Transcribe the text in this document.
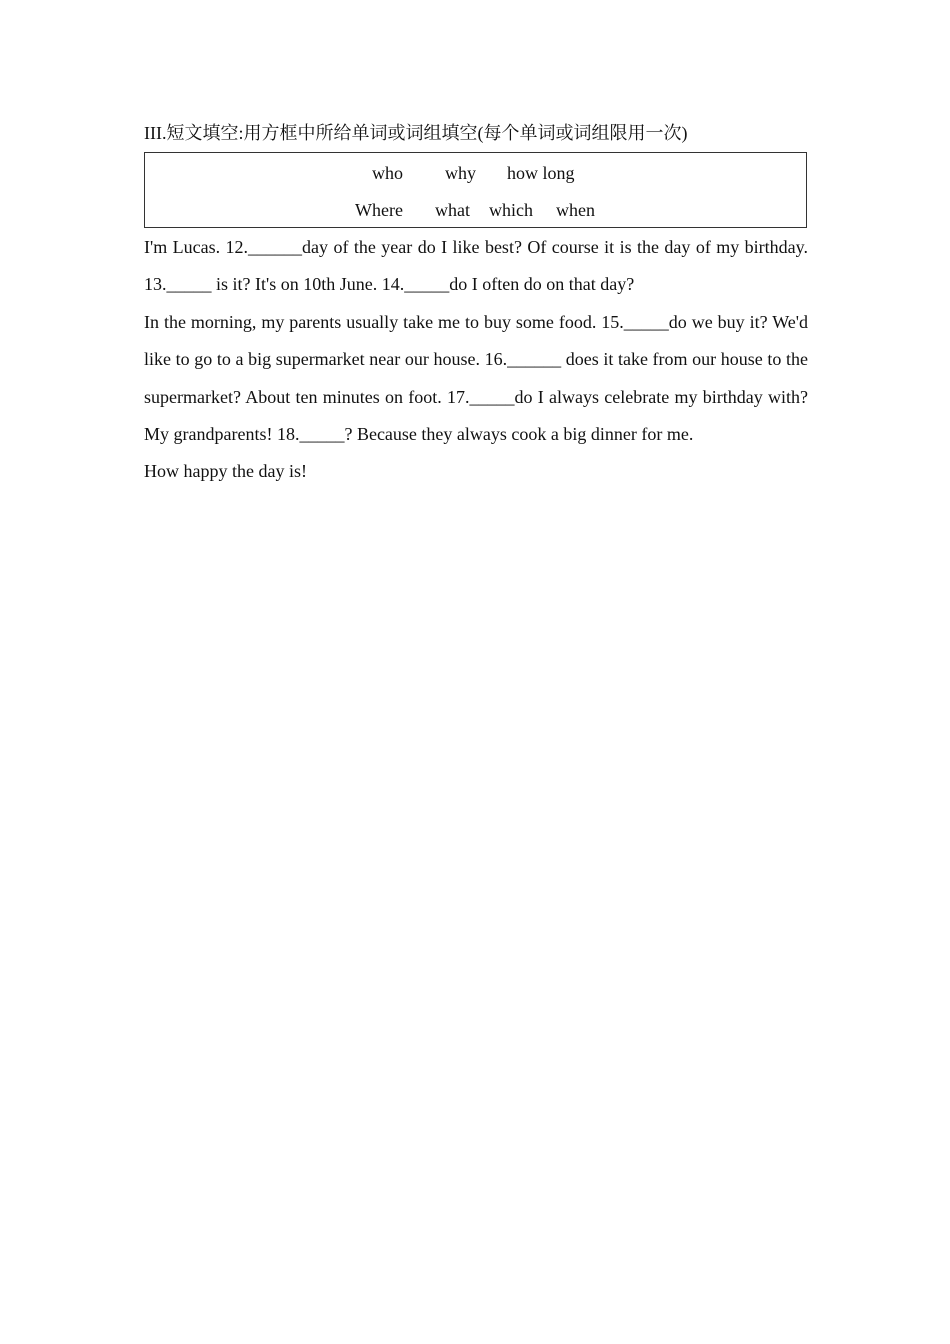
III.短文填空:用方框中所给单词或词组填空(每个单词或词组限用一次)
who why how long
Where what which when

I'm Lucas. 12.______day of the year do I like best? Of course it is the day of my birthday. 13._____ is it? It's on 10th June. 14._____do I often do on that day?

In the morning, my parents usually take me to buy some food. 15._____do we buy it? We'd like to go to a big supermarket near our house. 16.______ does it take from our house to the supermarket? About ten minutes on foot. 17._____do I always celebrate my birthday with? My grandparents! 18._____? Because they always cook a big dinner for me.

How happy the day is!
